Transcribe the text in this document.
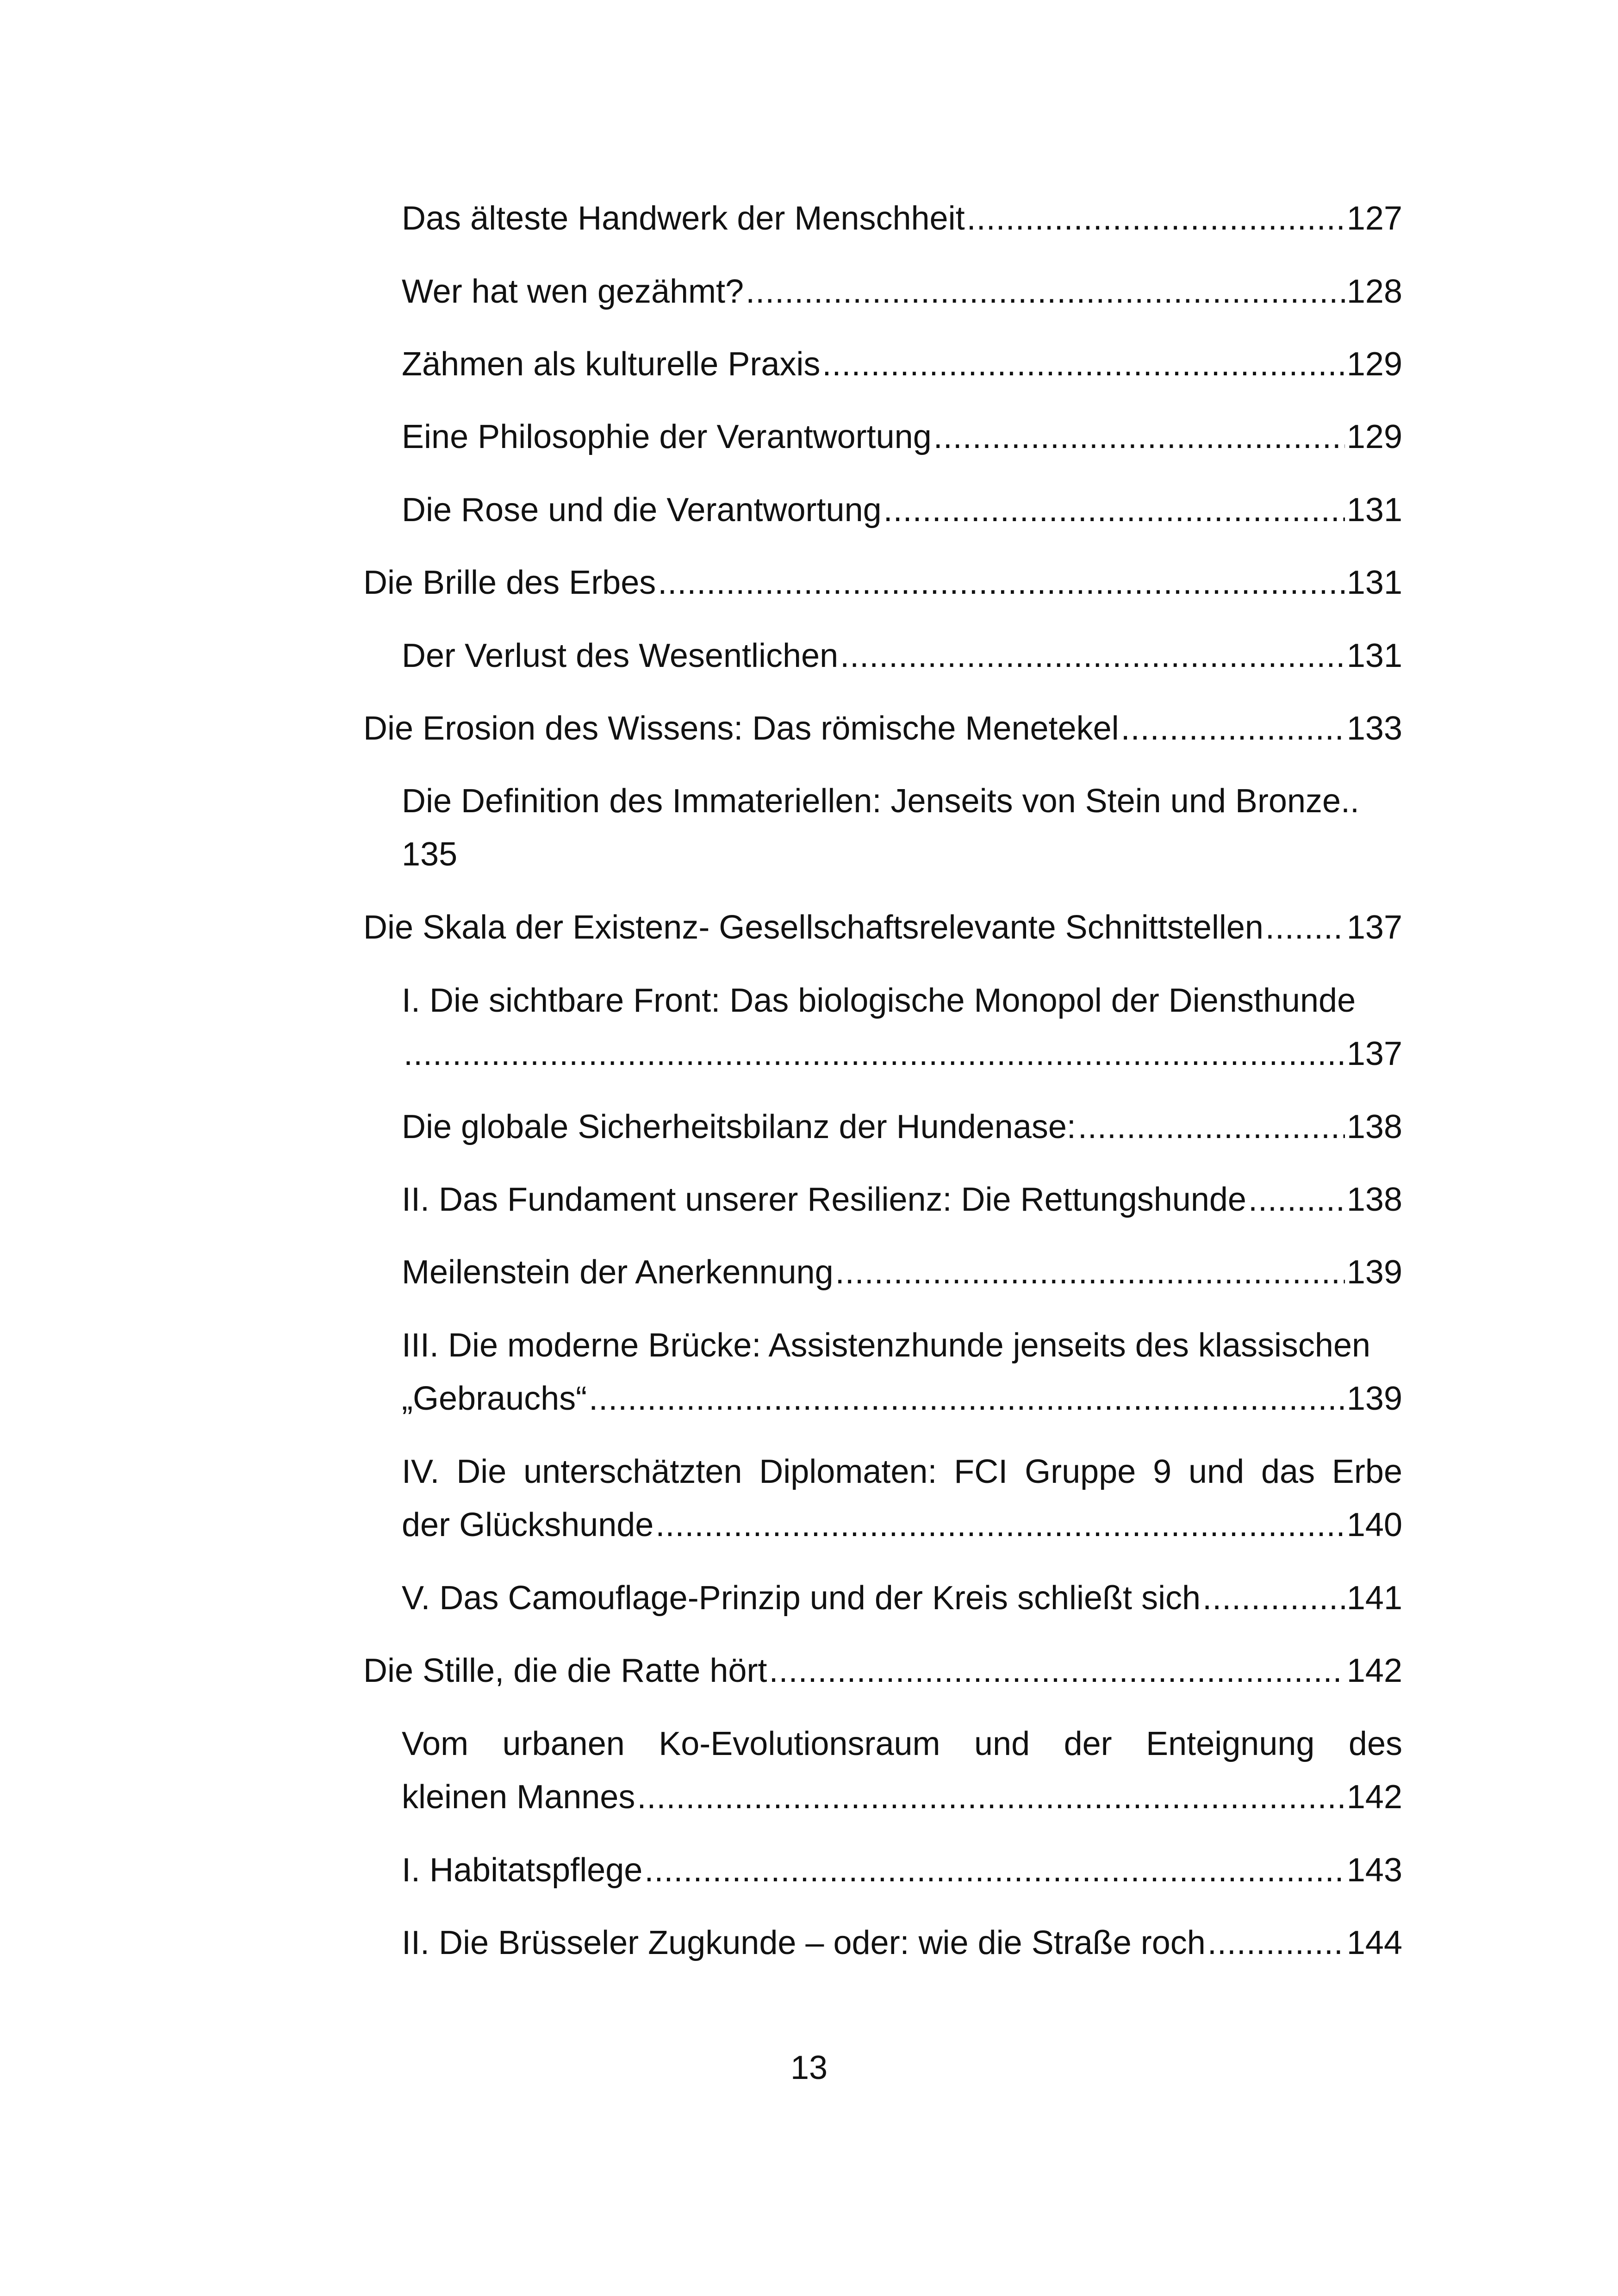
Das älteste Handwerk der Menschheit .....	127
Wer hat wen gezähmt? .....	128
Zähmen als kulturelle Praxis .....	129
Eine Philosophie der Verantwortung .....	129
Die Rose und die Verantwortung .....	131
Die Brille des Erbes .....	131
Der Verlust des Wesentlichen .....	131
Die Erosion des Wissens: Das römische Menetekel .....	133
Die Definition des Immateriellen: Jenseits von Stein und Bronze..
135
Die Skala der Existenz- Gesellschaftsrelevante Schnittstellen ..... 137
I. Die sichtbare Front: Das biologische Monopol der Diensthunde
.....
137
Die globale Sicherheitsbilanz der Hundenase: .....	138
II. Das Fundament unserer Resilienz: Die Rettungshunde .....	138
Meilenstein der Anerkennung .....	139
III. Die moderne Brücke: Assistenzhunde jenseits des klassischen
„Gebrauchs“ .....	139
IV. Die unterschätzten Diplomaten: FCI Gruppe 9 und das Erbe
der Glückshunde .....	140
V. Das Camouflage-Prinzip und der Kreis schließt sich .....	141
Die Stille, die die Ratte hört .....	142
Vom urbanen Ko-Evolutionsraum und der Enteignung des
kleinen Mannes .....	142
I. Habitatspflege .....	143
II. Die Brüsseler Zugkunde – oder: wie die Straße roch .....	144
13
